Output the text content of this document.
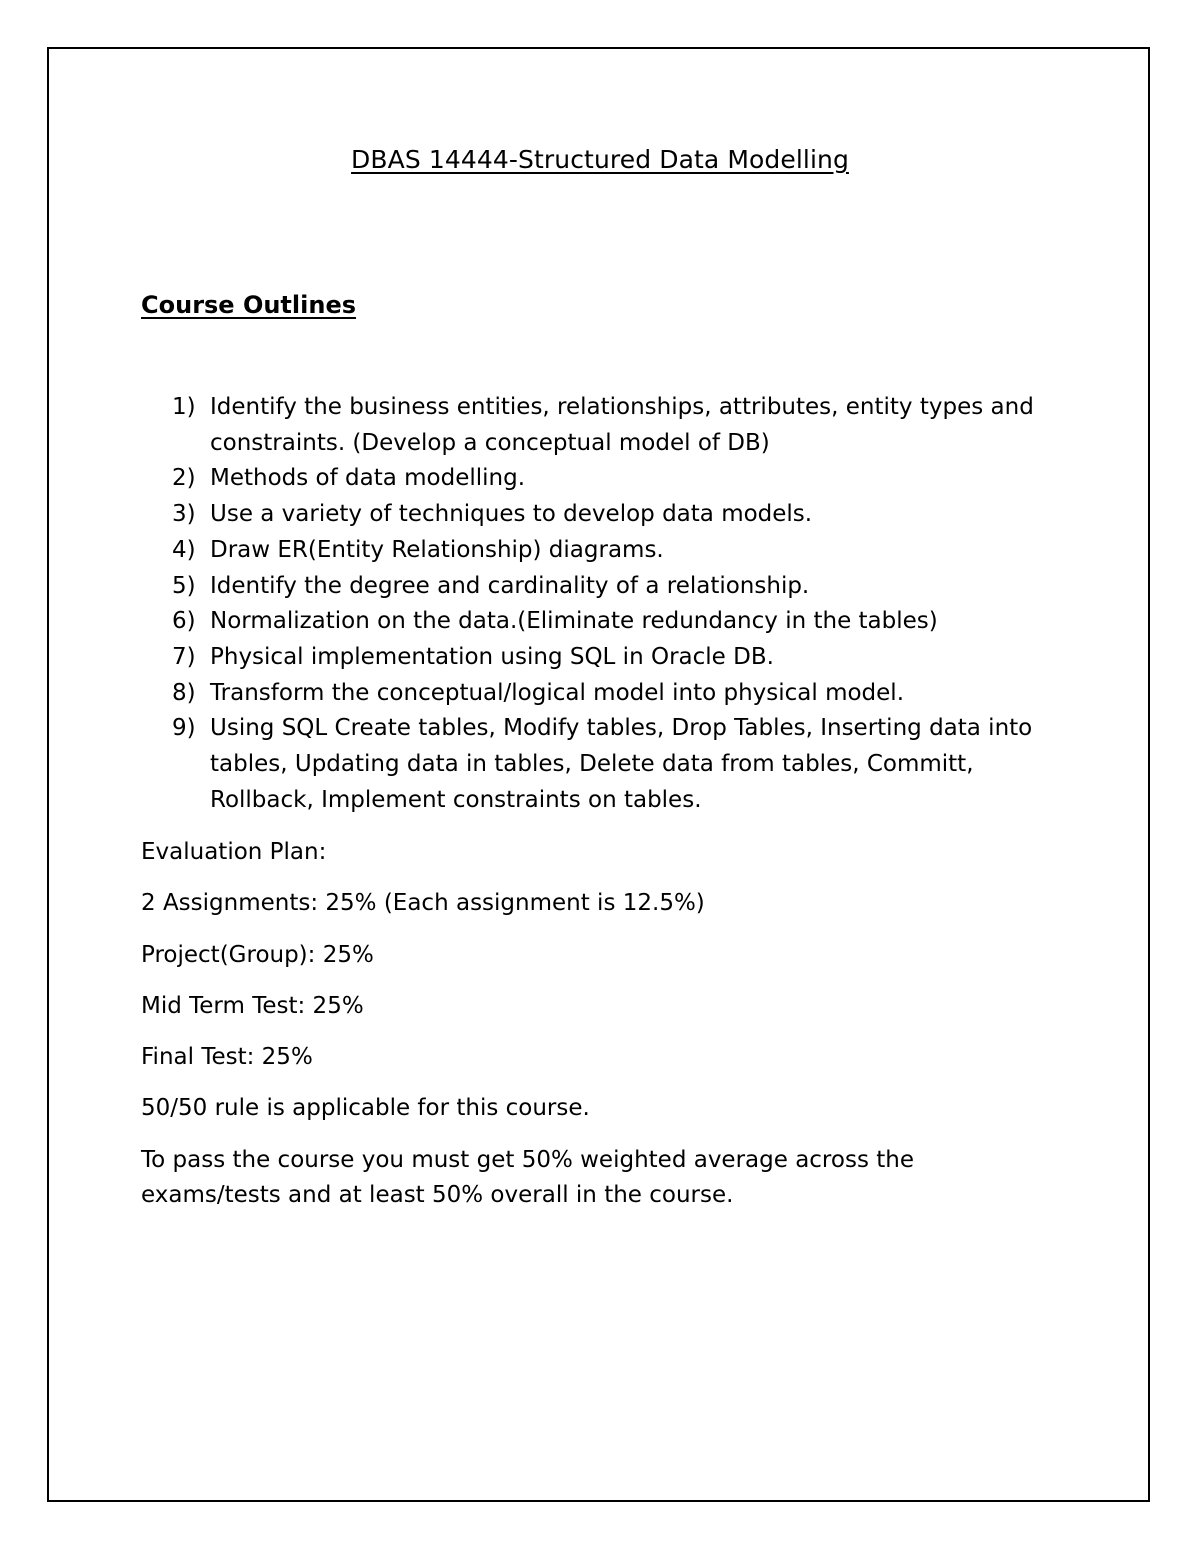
DBAS 14444-Structured Data Modelling
Course Outlines
1) Identify the business entities, relationships, attributes, entity types and constraints. (Develop a conceptual model of DB)
2) Methods of data modelling.
3) Use a variety of techniques to develop data models.
4) Draw ER(Entity Relationship) diagrams.
5) Identify the degree and cardinality of a relationship.
6) Normalization on the data.(Eliminate redundancy in the tables)
7) Physical implementation using SQL in Oracle DB.
8) Transform the conceptual/logical model into physical model.
9) Using SQL Create tables, Modify tables, Drop Tables, Inserting data into tables, Updating data in tables, Delete data from tables, Committ, Rollback, Implement constraints on tables.

Evaluation Plan:

2 Assignments: 25% (Each assignment is 12.5%)

Project(Group): 25%

Mid Term Test: 25%

Final Test: 25%

50/50 rule is applicable for this course.

To pass the course you must get 50% weighted average across the exams/tests and at least 50% overall in the course.
